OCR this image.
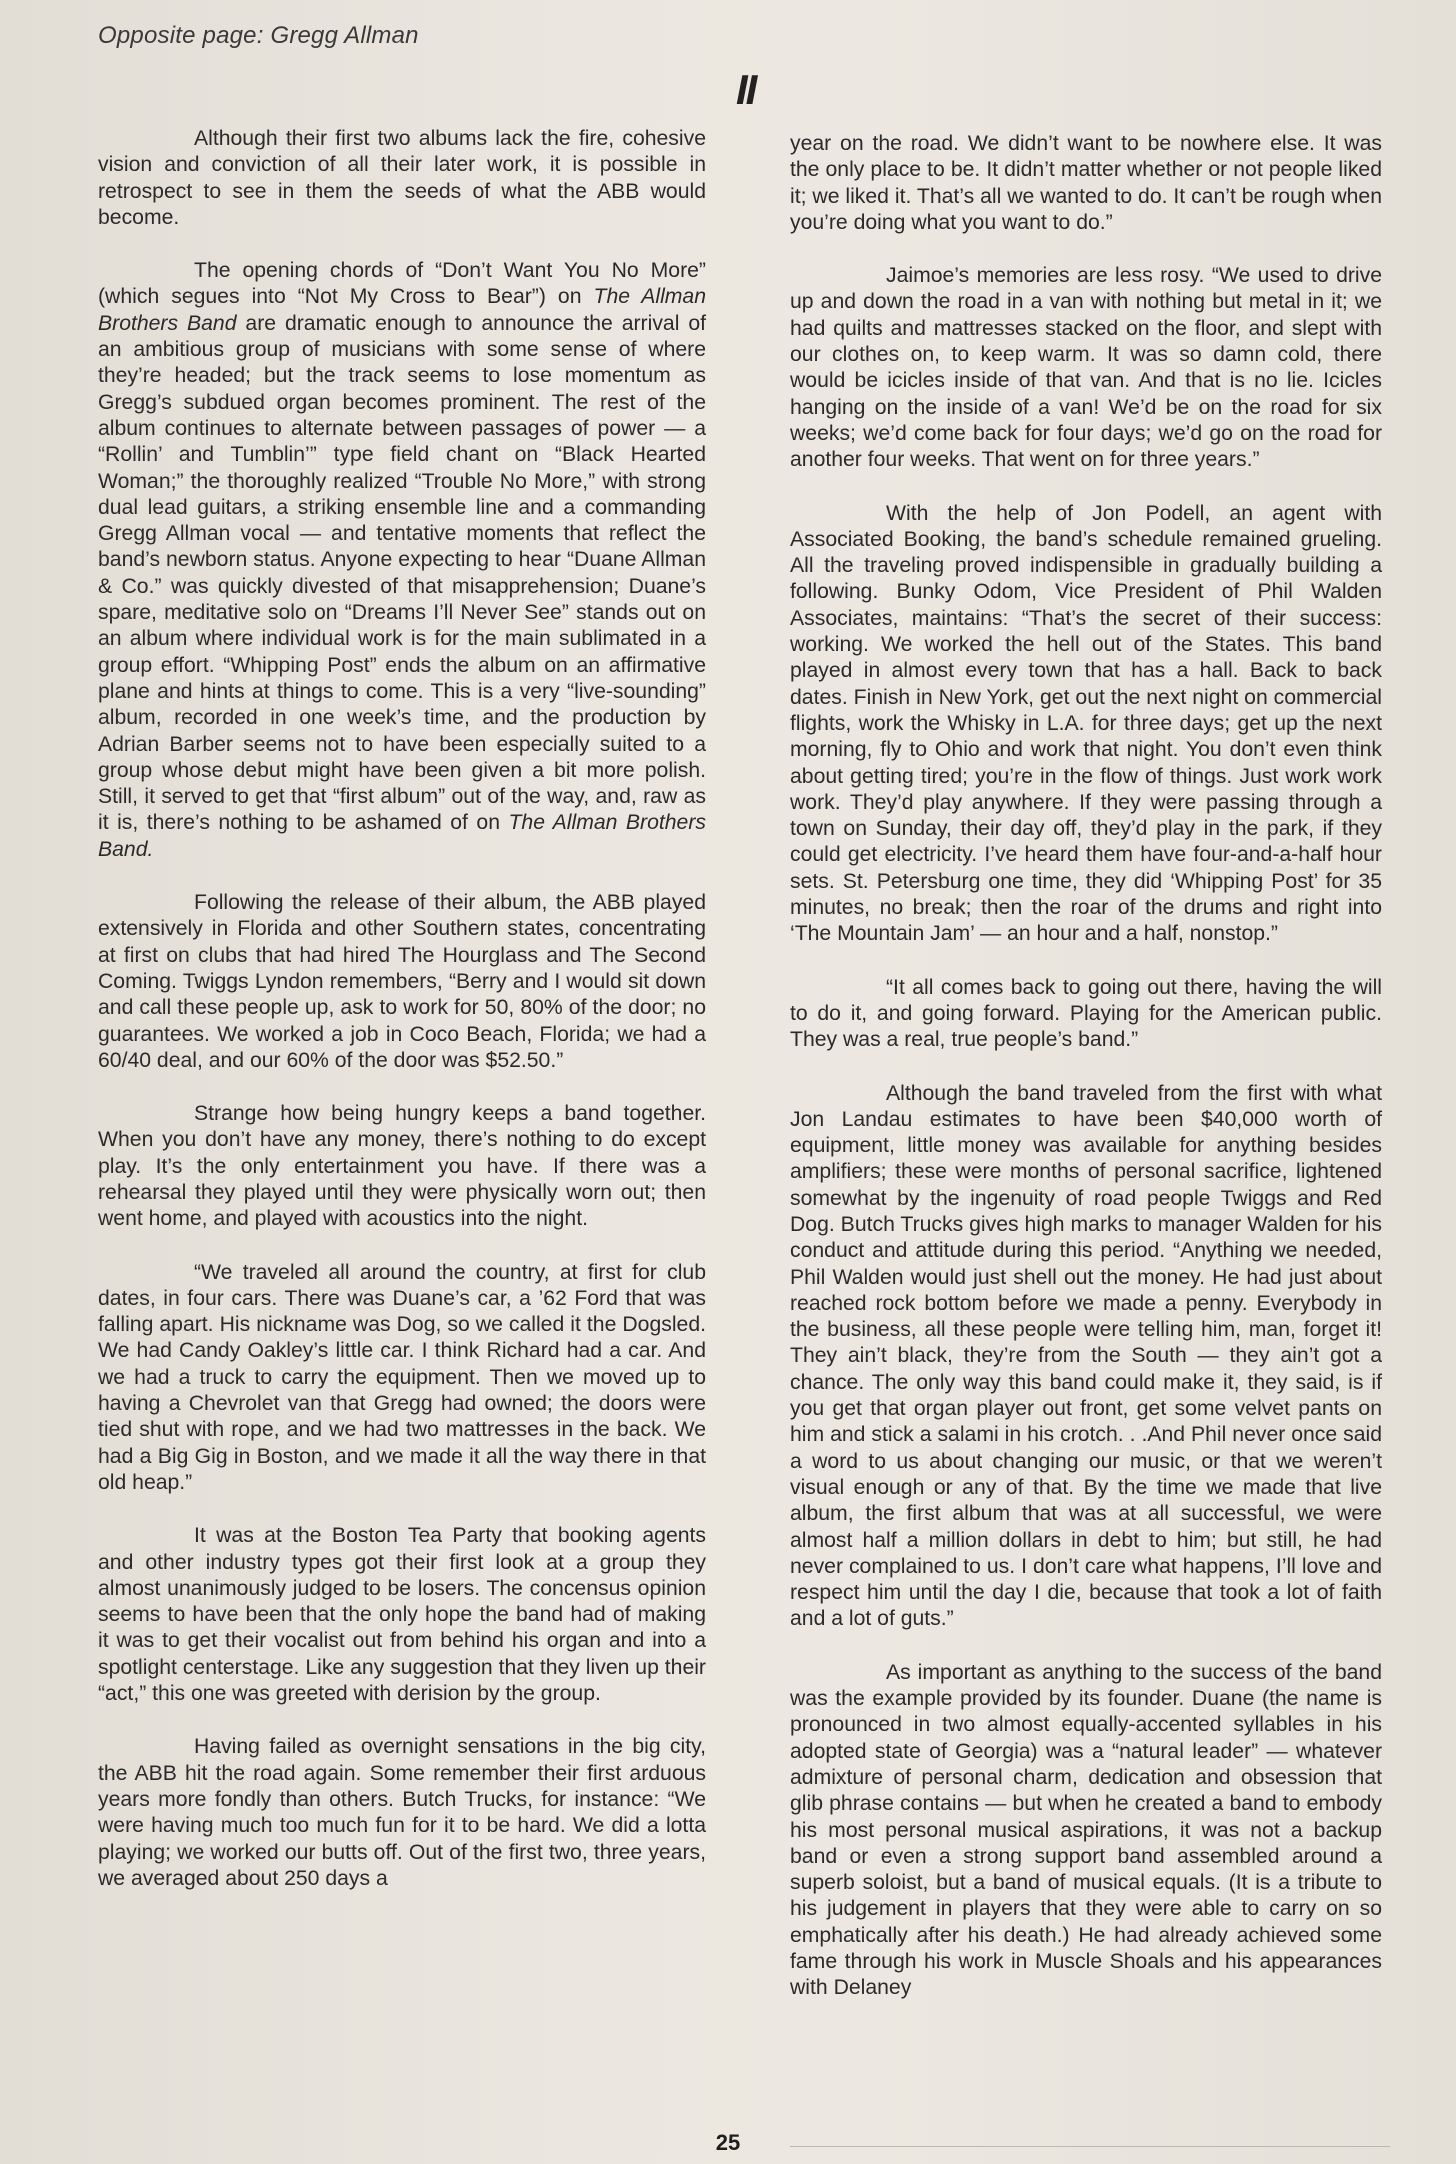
Opposite page: Gregg Allman
II

Although their first two albums lack the fire, cohesive vision and conviction of all their later work, it is possible in retrospect to see in them the seeds of what the ABB would become.

The opening chords of “Don’t Want You No More” (which segues into “Not My Cross to Bear”) on The Allman Brothers Band are dramatic enough to announce the arrival of an ambitious group of musicians with some sense of where they’re headed; but the track seems to lose momentum as Gregg’s subdued organ becomes prominent. The rest of the album continues to alternate between passages of power — a “Rollin’ and Tumblin’” type field chant on “Black Hearted Woman;” the thoroughly realized “Trouble No More,” with strong dual lead guitars, a striking ensemble line and a commanding Gregg Allman vocal — and tentative moments that reflect the band’s newborn status. Anyone expecting to hear “Duane Allman & Co.” was quickly divested of that misapprehension; Duane’s spare, meditative solo on “Dreams I’ll Never See” stands out on an album where individual work is for the main sublimated in a group effort. “Whipping Post” ends the album on an affirmative plane and hints at things to come. This is a very “live-sounding” album, recorded in one week’s time, and the production by Adrian Barber seems not to have been especially suited to a group whose debut might have been given a bit more polish. Still, it served to get that “first album” out of the way, and, raw as it is, there’s nothing to be ashamed of on The Allman Brothers Band.

Following the release of their album, the ABB played extensively in Florida and other Southern states, concentrating at first on clubs that had hired The Hourglass and The Second Coming. Twiggs Lyndon remembers, “Berry and I would sit down and call these people up, ask to work for 50, 80% of the door; no guarantees. We worked a job in Coco Beach, Florida; we had a 60/40 deal, and our 60% of the door was $52.50.”

Strange how being hungry keeps a band together. When you don’t have any money, there’s nothing to do except play. It’s the only entertainment you have. If there was a rehearsal they played until they were physically worn out; then went home, and played with acoustics into the night.

“We traveled all around the country, at first for club dates, in four cars. There was Duane’s car, a ’62 Ford that was falling apart. His nickname was Dog, so we called it the Dogsled. We had Candy Oakley’s little car. I think Richard had a car. And we had a truck to carry the equipment. Then we moved up to having a Chevrolet van that Gregg had owned; the doors were tied shut with rope, and we had two mattresses in the back. We had a Big Gig in Boston, and we made it all the way there in that old heap.”

It was at the Boston Tea Party that booking agents and other industry types got their first look at a group they almost unanimously judged to be losers. The concensus opinion seems to have been that the only hope the band had of making it was to get their vocalist out from behind his organ and into a spotlight centerstage. Like any suggestion that they liven up their “act,” this one was greeted with derision by the group.

Having failed as overnight sensations in the big city, the ABB hit the road again. Some remember their first arduous years more fondly than others. Butch Trucks, for instance: “We were having much too much fun for it to be hard. We did a lotta playing; we worked our butts off. Out of the first two, three years, we averaged about 250 days a

year on the road. We didn’t want to be nowhere else. It was the only place to be. It didn’t matter whether or not people liked it; we liked it. That’s all we wanted to do. It can’t be rough when you’re doing what you want to do.”

Jaimoe’s memories are less rosy. “We used to drive up and down the road in a van with nothing but metal in it; we had quilts and mattresses stacked on the floor, and slept with our clothes on, to keep warm. It was so damn cold, there would be icicles inside of that van. And that is no lie. Icicles hanging on the inside of a van! We’d be on the road for six weeks; we’d come back for four days; we’d go on the road for another four weeks. That went on for three years.”

With the help of Jon Podell, an agent with Associated Booking, the band’s schedule remained grueling. All the traveling proved indispensible in gradually building a following. Bunky Odom, Vice President of Phil Walden Associates, maintains: “That’s the secret of their success: working. We worked the hell out of the States. This band played in almost every town that has a hall. Back to back dates. Finish in New York, get out the next night on commercial flights, work the Whisky in L.A. for three days; get up the next morning, fly to Ohio and work that night. You don’t even think about getting tired; you’re in the flow of things. Just work work work. They’d play anywhere. If they were passing through a town on Sunday, their day off, they’d play in the park, if they could get electricity. I’ve heard them have four-and-a-half hour sets. St. Petersburg one time, they did ‘Whipping Post’ for 35 minutes, no break; then the roar of the drums and right into ‘The Mountain Jam’ — an hour and a half, nonstop.”

“It all comes back to going out there, having the will to do it, and going forward. Playing for the American public. They was a real, true people’s band.”

Although the band traveled from the first with what Jon Landau estimates to have been $40,000 worth of equipment, little money was available for anything besides amplifiers; these were months of personal sacrifice, lightened somewhat by the ingenuity of road people Twiggs and Red Dog. Butch Trucks gives high marks to manager Walden for his conduct and attitude during this period. “Anything we needed, Phil Walden would just shell out the money. He had just about reached rock bottom before we made a penny. Everybody in the business, all these people were telling him, man, forget it! They ain’t black, they’re from the South — they ain’t got a chance. The only way this band could make it, they said, is if you get that organ player out front, get some velvet pants on him and stick a salami in his crotch. . .And Phil never once said a word to us about changing our music, or that we weren’t visual enough or any of that. By the time we made that live album, the first album that was at all successful, we were almost half a million dollars in debt to him; but still, he had never complained to us. I don’t care what happens, I’ll love and respect him until the day I die, because that took a lot of faith and a lot of guts.”

As important as anything to the success of the band was the example provided by its founder. Duane (the name is pronounced in two almost equally-accented syllables in his adopted state of Georgia) was a “natural leader” — whatever admixture of personal charm, dedication and obsession that glib phrase contains — but when he created a band to embody his most personal musical aspirations, it was not a backup band or even a strong support band assembled around a superb soloist, but a band of musical equals. (It is a tribute to his judgement in players that they were able to carry on so emphatically after his death.) He had already achieved some fame through his work in Muscle Shoals and his appearances with Delaney

25
